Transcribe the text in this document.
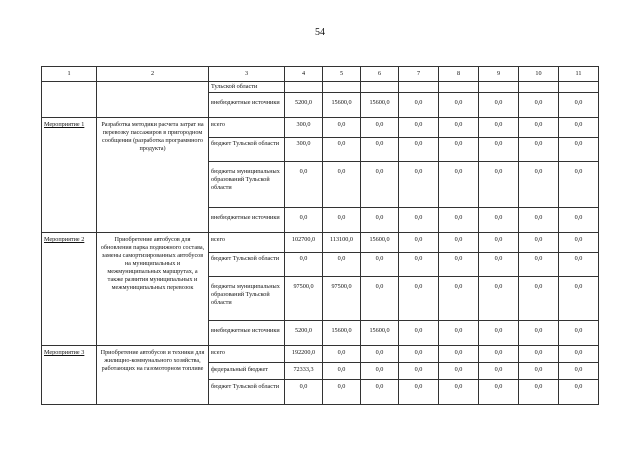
54
1	2	3	4	5	6	7	8	9	10	11
		Тульской области								
		внебюджетные источники	5200,0	15600,0	15600,0	0,0	0,0	0,0	0,0	0,0
Мероприятие 1	Разработка методики расчета затрат на перевозку пассажиров в пригородном сообщении (разработка программного продукта)	всего	300,0	0,0	0,0	0,0	0,0	0,0	0,0	0,0
		бюджет Тульской области	300,0	0,0	0,0	0,0	0,0	0,0	0,0	0,0
		бюджеты муниципальных образований Тульской области	0,0	0,0	0,0	0,0	0,0	0,0	0,0	0,0
		внебюджетные источники	0,0	0,0	0,0	0,0	0,0	0,0	0,0	0,0
Мероприятие 2	Приобретение автобусов для обновления парка подвижного состава, замены самортизированных автобусов на муниципальных и межмуниципальных маршрутах, а также развития муниципальных и межмуниципальных перевозок	всего	102700,0	113100,0	15600,0	0,0	0,0	0,0	0,0	0,0
		бюджет Тульской области	0,0	0,0	0,0	0,0	0,0	0,0	0,0	0,0
		бюджеты муниципальных образований Тульской области	97500,0	97500,0	0,0	0,0	0,0	0,0	0,0	0,0
		внебюджетные источники	5200,0	15600,0	15600,0	0,0	0,0	0,0	0,0	0,0
Мероприятие 3	Приобретение автобусов и техники для жилищно-коммунального хозяйства, работающих на газомоторном топливе	всего	192200,0	0,0	0,0	0,0	0,0	0,0	0,0	0,0
		федеральный бюджет	72333,3	0,0	0,0	0,0	0,0	0,0	0,0	0,0
		бюджет Тульской области	0,0	0,0	0,0	0,0	0,0	0,0	0,0	0,0
